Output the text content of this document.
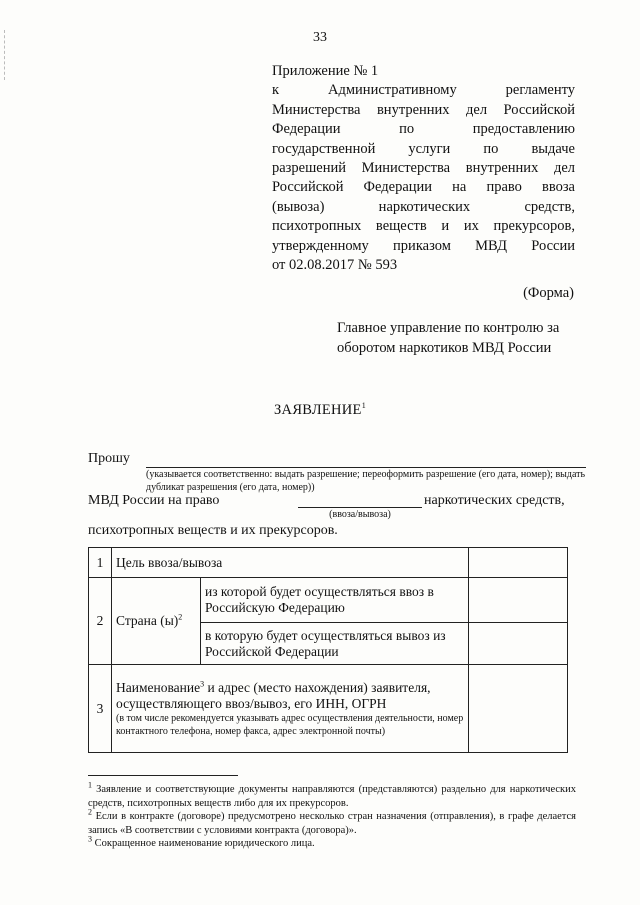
33
Приложение № 1
к Административному регламенту
Министерства внутренних дел Российской
Федерации по предоставлению
государственной услуги по выдаче
разрешений Министерства внутренних дел
Российской Федерации на право ввоза
(вывоза) наркотических средств,
психотропных веществ и их прекурсоров,
утвержденному приказом МВД России
от 02.08.2017 № 593
(Форма)
Главное управление по контролю за
оборотом наркотиков МВД России
ЗАЯВЛЕНИЕ$^1$
Прошу
(указывается соответственно: выдать разрешение; переоформить разрешение (его дата, номер); выдать дубликат разрешения (его дата, номер))
МВД России на право	наркотических средств,
(ввоза/вывоза)
психотропных веществ и их прекурсоров.
1	Цель ввоза/вывоза		
2	Страна $(ы)^2$	из которой будет осуществляться ввоз в Российскую Федерацию	
		в которую будет осуществляться вывоз из Российской Федерации	
3	Наименование$^3$ и адрес (место нахождения) заявителя, осуществляющего ввоз/вывоз, его ИНН, ОГРН
(в том числе рекомендуется указывать адрес осуществления деятельности, номер контактного телефона, номер факса, адрес электронной почты)		

$^1$ Заявление и соответствующие документы направляются (представляются) раздельно для наркотических средств, психотропных веществ либо для их прекурсоров.

$^2$ Если в контракте (договоре) предусмотрено несколько стран назначения (отправления), в графе делается запись «В соответствии с условиями контракта (договора)».

$^3$ Сокращенное наименование юридического лица.
